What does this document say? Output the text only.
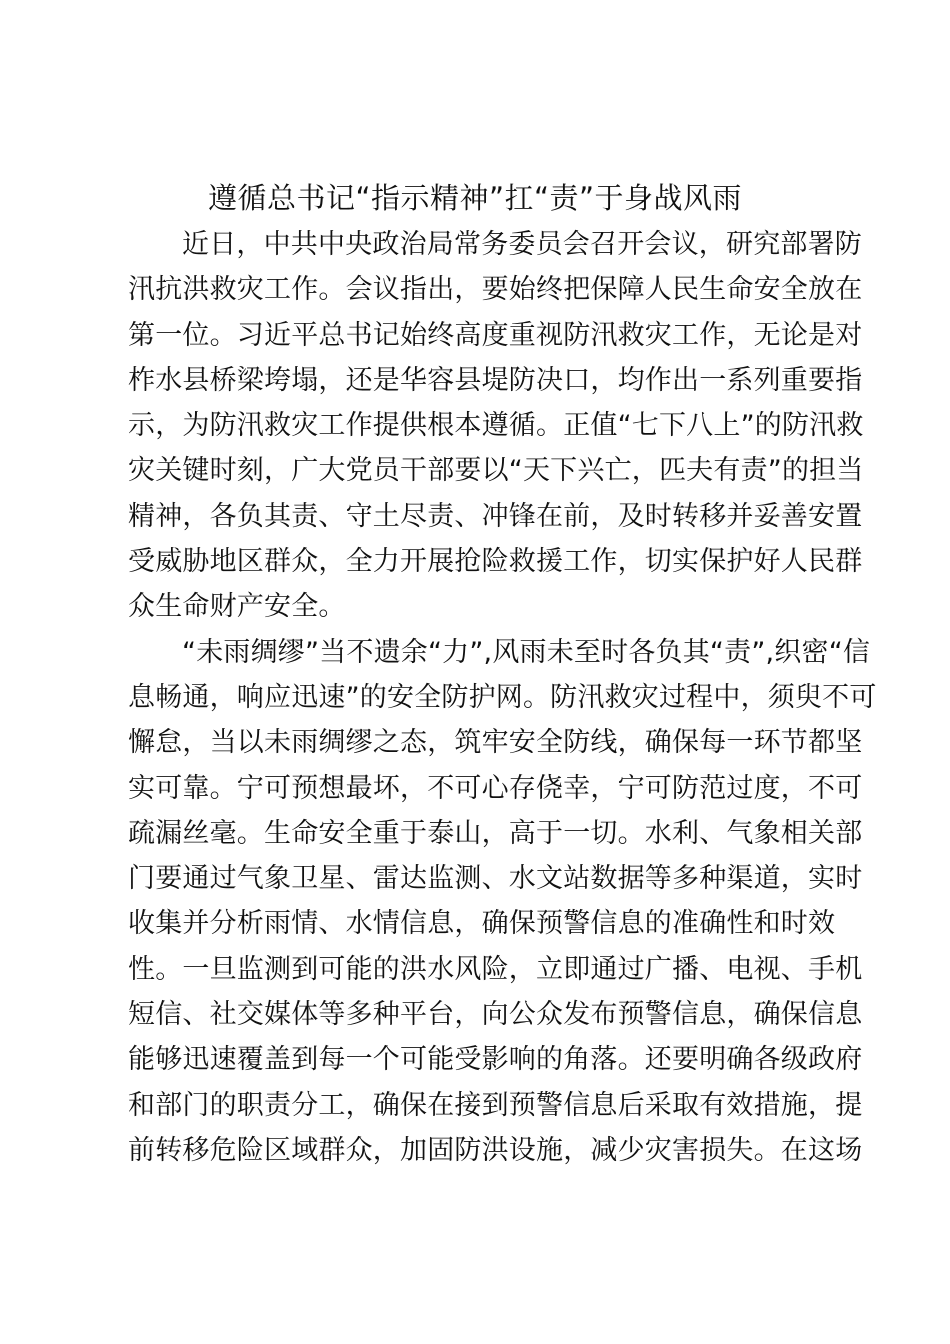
遵循总书记“指示精神”扛“责”于身战风雨
近日，中共中央政治局常务委员会召开会议，研究部署防
汛抗洪救灾工作。会议指出，要始终把保障人民生命安全放在
第一位。习近平总书记始终高度重视防汛救灾工作，无论是对
柞水县桥梁垮塌，还是华容县堤防决口，均作出一系列重要指
示，为防汛救灾工作提供根本遵循。正值“七下八上”的防汛救
灾关键时刻，广大党员干部要以“天下兴亡，匹夫有责”的担当
精神，各负其责、守土尽责、冲锋在前，及时转移并妥善安置
受威胁地区群众，全力开展抢险救援工作，切实保护好人民群
众生命财产安全。
“未雨绸缪”当不遗余“力”,风雨未至时各负其“责”,织密“信
息畅通，响应迅速”的安全防护网。防汛救灾过程中，须臾不可
懈怠，当以未雨绸缪之态，筑牢安全防线，确保每一环节都坚
实可靠。宁可预想最坏，不可心存侥幸，宁可防范过度，不可
疏漏丝毫。生命安全重于泰山，高于一切。水利、气象相关部
门要通过气象卫星、雷达监测、水文站数据等多种渠道，实时
收集并分析雨情、水情信息，确保预警信息的准确性和时效
性。一旦监测到可能的洪水风险，立即通过广播、电视、手机
短信、社交媒体等多种平台，向公众发布预警信息，确保信息
能够迅速覆盖到每一个可能受影响的角落。还要明确各级政府
和部门的职责分工，确保在接到预警信息后采取有效措施，提
前转移危险区域群众，加固防洪设施，减少灾害损失。在这场
